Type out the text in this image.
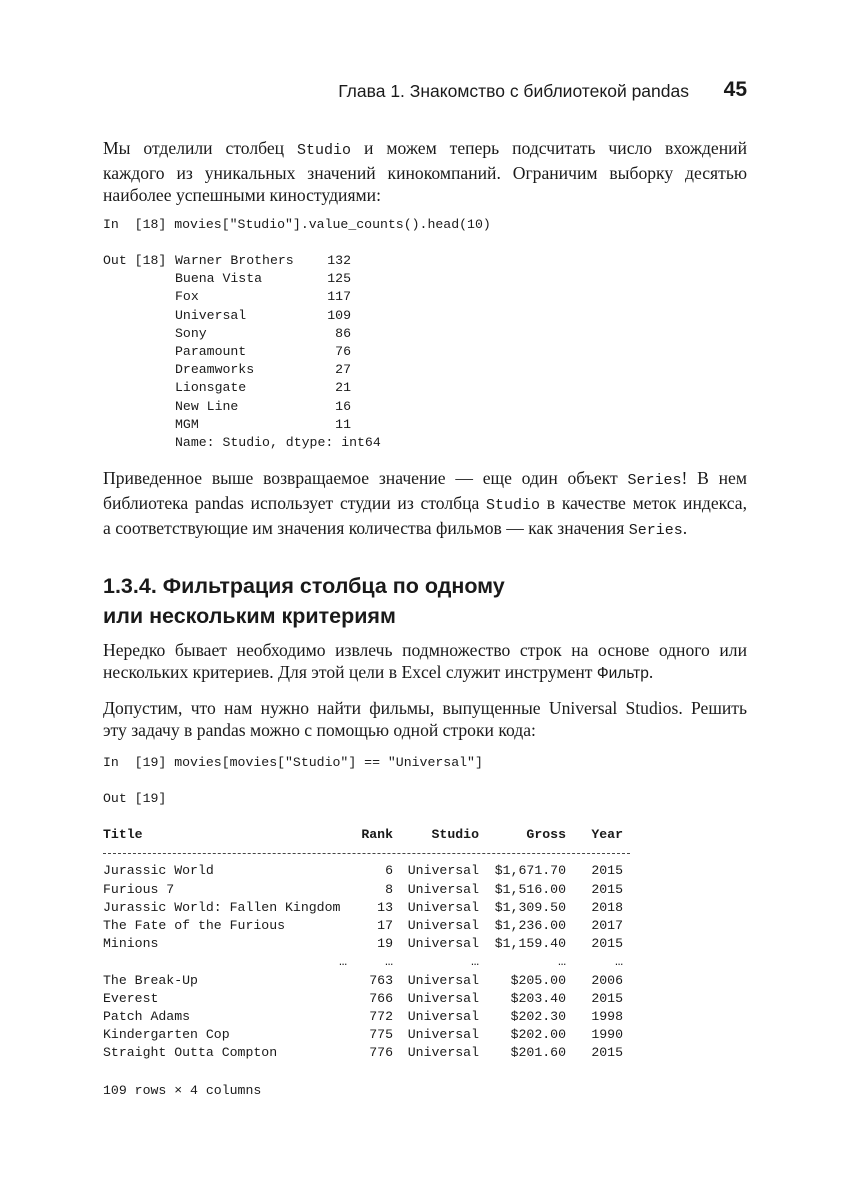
Глава 1. Знакомство с библиотекой pandas 45

Мы отделили столбец Studio и можем теперь подсчитать число вхождений
каждого из уникальных значений кинокомпаний. Ограничим выборку десятью
наиболее успешными киностудиями:

In  [18] movies["Studio"].value_counts().head(10)
Out [18] Warner Brothers	132
Buena Vista	125
Fox	117
Universal	109
Sony	86
Paramount	76
Dreamworks	27
Lionsgate	21
New Line	16
MGM	11
Name: Studio, dtype: int64

Приведенное выше возвращаемое значение — еще один объект Series! В нем
библиотека pandas использует студии из столбца Studio в качестве меток индекса,
а соответствующие им значения количества фильмов — как значения Series.

1.3.4. Фильтрация столбца по одному
или нескольким критериям

Нередко бывает необходимо извлечь подмножество строк на основе одного или
нескольких критериев. Для этой цели в Excel служит инструмент Фильтр.

Допустим, что нам нужно найти фильмы, выпущенные Universal Studios. Решить
эту задачу в pandas можно с помощью одной строки кода:

In  [19] movies[movies["Studio"] == "Universal"]
Out [19]
Title	Rank	Studio	Gross Year
Jurassic World	6 Universal $1,671.70 2015
Furious 7	8 Universal $1,516.00 2015
Jurassic World: Fallen Kingdom	13 Universal $1,309.50 2018
The Fate of the Furious	17 Universal $1,236.00 2017
Minions	19 Universal $1,159.40 2015
…	…	…	…	…
The Break-Up	763 Universal $205.00 2006
Everest	766 Universal $203.40 2015
Patch Adams	772 Universal $202.30 1998
Kindergarten Cop	775 Universal $202.00 1990
Straight Outta Compton	776 Universal $201.60 2015
109 rows × 4 columns
